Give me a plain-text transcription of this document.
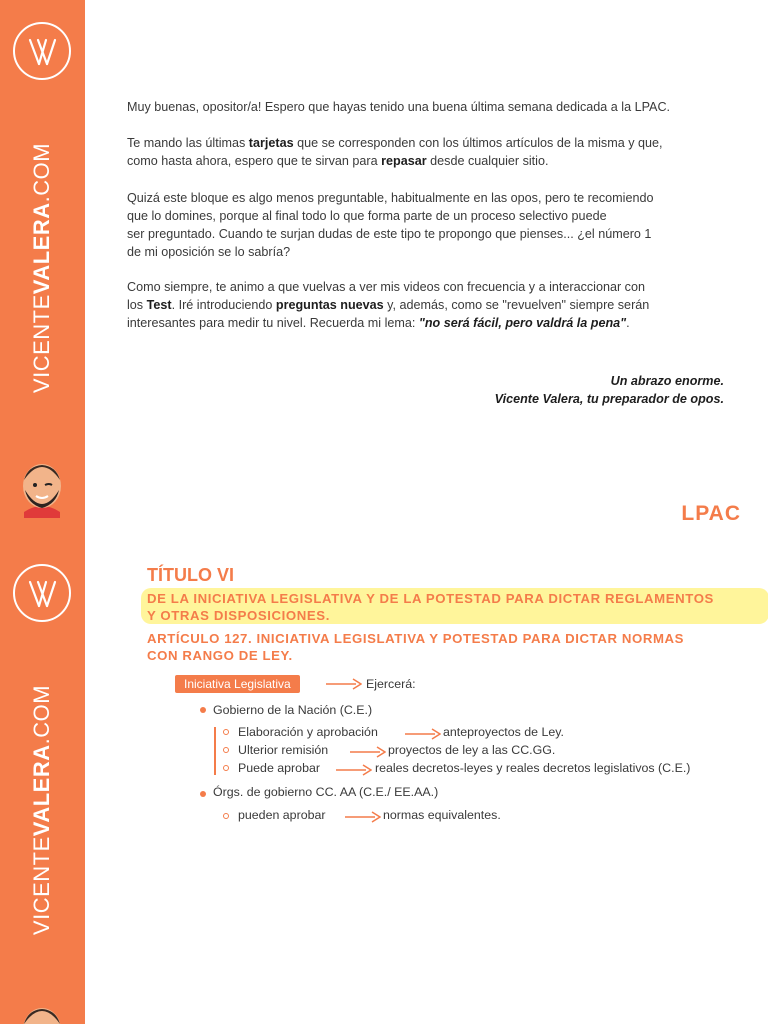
VICENTEVALERA.COM
VICENTEVALERA.COM

Muy buenas, opositor/a! Espero que hayas tenido una buena última semana dedicada a la LPAC.

Te mando las últimas tarjetas que se corresponden con los últimos artículos de la misma y que,
como hasta ahora, espero que te sirvan para repasar desde cualquier sitio.

Quizá este bloque es algo menos preguntable, habitualmente en las opos, pero te recomiendo
que lo domines, porque al final todo lo que forma parte de un proceso selectivo puede
ser preguntado. Cuando te surjan dudas de este tipo te propongo que pienses... ¿el número 1
de mi oposición se lo sabría?

Como siempre, te animo a que vuelvas a ver mis videos con frecuencia y a interaccionar con
los Test. Iré introduciendo preguntas nuevas y, además, como se "revuelven" siempre serán
interesantes para medir tu nivel. Recuerda mi lema: "no será fácil, pero valdrá la pena".

Un abrazo enorme.
Vicente Valera, tu preparador de opos.
LPAC
TÍTULO VI
DE LA INICIATIVA LEGISLATIVA Y DE LA POTESTAD PARA DICTAR REGLAMENTOS
Y OTRAS DISPOSICIONES.
ARTÍCULO 127. INICIATIVA LEGISLATIVA Y POTESTAD PARA DICTAR NORMAS
CON RANGO DE LEY.
Iniciativa Legislativa	Ejercerá:
Gobierno de la Nación (C.E.)
Elaboración y aprobación	anteproyectos de Ley.
Ulterior remisión	proyectos de ley a las CC.GG.
Puede aprobar	reales decretos-leyes y reales decretos legislativos (C.E.)
Órgs. de gobierno CC. AA (C.E./ EE.AA.)
pueden aprobar	normas equivalentes.
